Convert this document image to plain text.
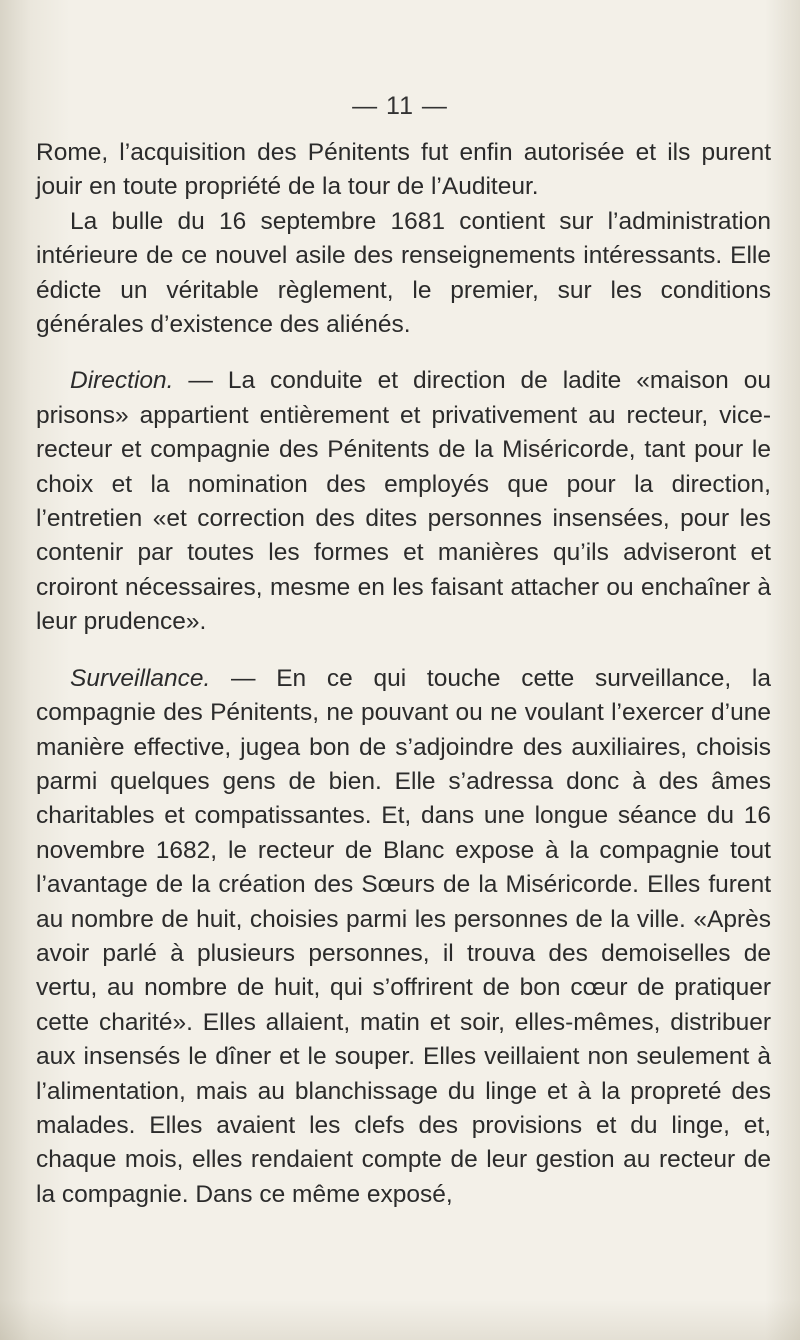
— 11 —

Rome, l’acquisition des Pénitents fut enfin autorisée et ils purent jouir en toute propriété de la tour de l’Auditeur.

La bulle du 16 septembre 1681 contient sur l’administration intérieure de ce nouvel asile des renseignements intéressants. Elle édicte un véritable règlement, le premier, sur les conditions générales d’existence des aliénés.

Direction. — La conduite et direction de ladite «maison ou prisons» appartient entièrement et privativement au recteur, vice-recteur et compagnie des Pénitents de la Miséricorde, tant pour le choix et la nomination des employés que pour la direction, l’entretien «et correction des dites personnes insensées, pour les contenir par toutes les formes et manières qu’ils adviseront et croiront nécessaires, mesme en les faisant attacher ou enchaîner à leur prudence».

Surveillance. — En ce qui touche cette surveillance, la compagnie des Pénitents, ne pouvant ou ne voulant l’exercer d’une manière effective, jugea bon de s’adjoindre des auxiliaires, choisis parmi quelques gens de bien. Elle s’adressa donc à des âmes charitables et compatissantes. Et, dans une longue séance du 16 novembre 1682, le recteur de Blanc expose à la compagnie tout l’avantage de la création des Sœurs de la Miséricorde. Elles furent au nombre de huit, choisies parmi les personnes de la ville. «Après avoir parlé à plusieurs personnes, il trouva des demoiselles de vertu, au nombre de huit, qui s’offrirent de bon cœur de pratiquer cette charité». Elles allaient, matin et soir, elles-mêmes, distribuer aux insensés le dîner et le souper. Elles veillaient non seulement à l’alimentation, mais au blanchissage du linge et à la propreté des malades. Elles avaient les clefs des provisions et du linge, et, chaque mois, elles rendaient compte de leur gestion au recteur de la compagnie. Dans ce même exposé,
